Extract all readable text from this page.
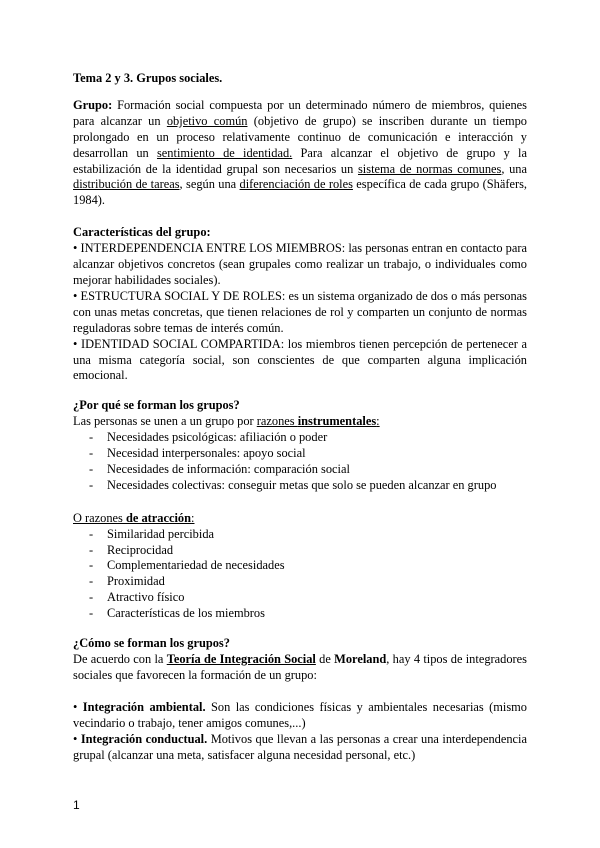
Tema 2 y 3. Grupos sociales.

Grupo: Formación social compuesta por un determinado número de miembros, quienes para alcanzar un objetivo común (objetivo de grupo) se inscriben durante un tiempo prolongado en un proceso relativamente continuo de comunicación e interacción y desarrollan un sentimiento de identidad. Para alcanzar el objetivo de grupo y la estabilización de la identidad grupal son necesarios un sistema de normas comunes, una distribución de tareas, según una diferenciación de roles específica de cada grupo (Shäfers, 1984).

Características del grupo:

• INTERDEPENDENCIA ENTRE LOS MIEMBROS: las personas entran en contacto para alcanzar objetivos concretos (sean grupales como realizar un trabajo, o individuales como mejorar habilidades sociales).

• ESTRUCTURA SOCIAL Y DE ROLES: es un sistema organizado de dos o más personas con unas metas concretas, que tienen relaciones de rol y comparten un conjunto de normas reguladoras sobre temas de interés común.

• IDENTIDAD SOCIAL COMPARTIDA: los miembros tienen percepción de pertenecer a una misma categoría social, son conscientes de que comparten alguna implicación emocional.

¿Por qué se forman los grupos?

Las personas se unen a un grupo por razones instrumentales:

- Necesidades psicológicas: afiliación o poder
- Necesidad interpersonales: apoyo social
- Necesidades de información: comparación social
- Necesidades colectivas: conseguir metas que solo se pueden alcanzar en grupo

O razones de atracción:

- Similaridad percibida
- Reciprocidad
- Complementariedad de necesidades
- Proximidad
- Atractivo físico
- Características de los miembros
¿Cómo se forman los grupos?

De acuerdo con la Teoría de Integración Social de Moreland, hay 4 tipos de integradores sociales que favorecen la formación de un grupo:

• Integración ambiental. Son las condiciones físicas y ambientales necesarias (mismo vecindario o trabajo, tener amigos comunes,...)

• Integración conductual. Motivos que llevan a las personas a crear una interdependencia grupal (alcanzar una meta, satisfacer alguna necesidad personal, etc.)

1
